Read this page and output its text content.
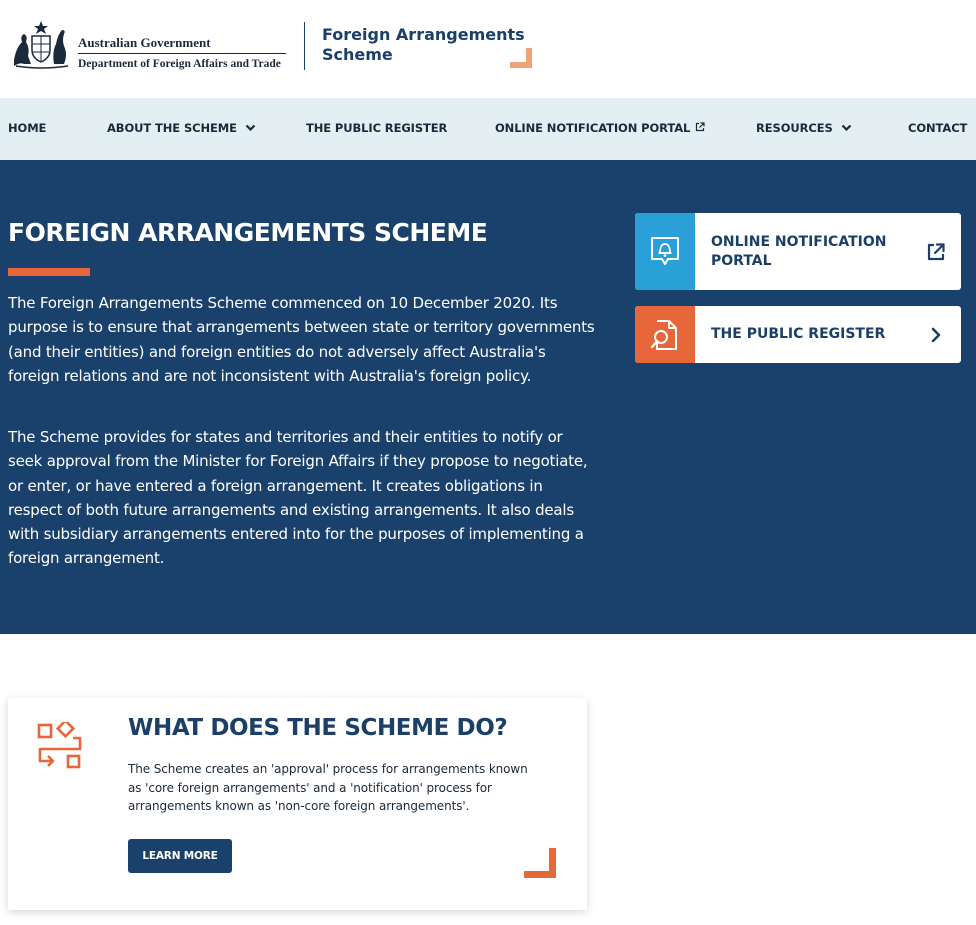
Australian Government
Department of Foreign Affairs and Trade
Foreign Arrangements
Scheme
HOME	ABOUT THE SCHEME	THE PUBLIC REGISTER	ONLINE NOTIFICATION PORTAL	RESOURCES	CONTACT
FOREIGN ARRANGEMENTS SCHEME

The Foreign Arrangements Scheme commenced on 10 December 2020. Its purpose is to ensure that arrangements between state or territory governments (and their entities) and foreign entities do not adversely affect Australia's foreign relations and are not inconsistent with Australia's foreign policy.

The Scheme provides for states and territories and their entities to notify or seek approval from the Minister for Foreign Affairs if they propose to negotiate, or enter, or have entered a foreign arrangement. It creates obligations in respect of both future arrangements and existing arrangements. It also deals with subsidiary arrangements entered into for the purposes of implementing a foreign arrangement.

ONLINE NOTIFICATION PORTAL
THE PUBLIC REGISTER
WHAT DOES THE SCHEME DO?

The Scheme creates an 'approval' process for arrangements known as 'core foreign arrangements' and a 'notification' process for arrangements known as 'non-core foreign arrangements'.

LEARN MORE
